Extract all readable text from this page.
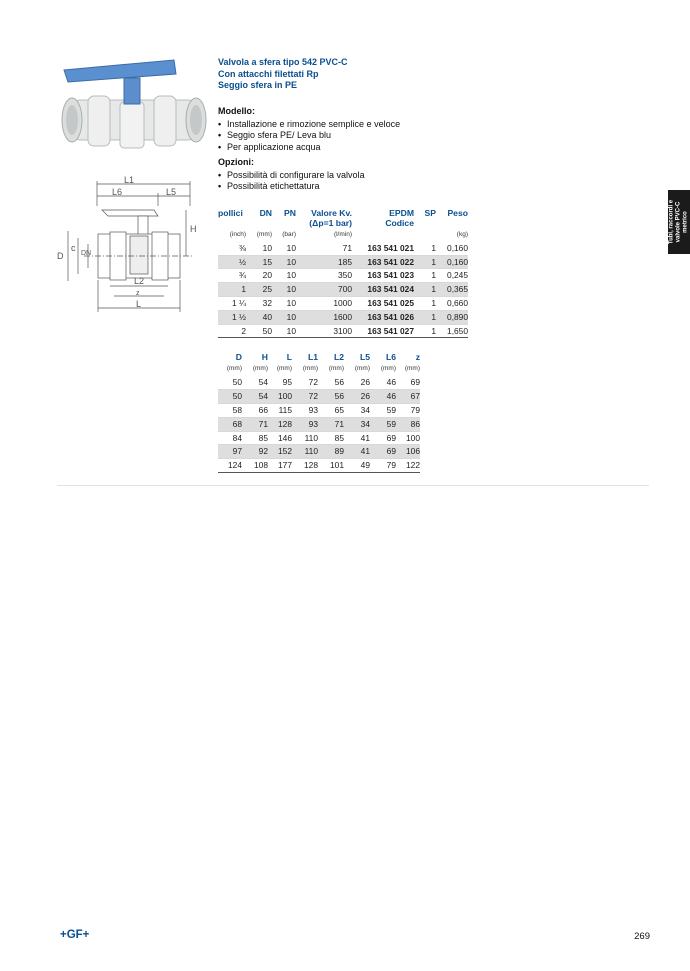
L1
L6	L5
H
D
c
DN
L2
z
L
Valvola a sfera tipo 542 PVC-C
Con attacchi filettati Rp
Seggio sfera in PE
Modello:
• Installazione e rimozione semplice e veloce
• Seggio sfera PE/ Leva blu
• Per applicazione acqua
Opzioni:
• Possibilità di configurare la valvola
• Possibilità etichettatura
Tubi, raccordi e
valvole PVC-C
metrico
pollici	DN	PN	Valore Kv.	EPDM	SP	Peso
			(Δp=1 bar)	Codice		
(inch)	(mm)	(bar)	(l/min)			(kg)
⅜	10	10	71	163 541 021	1	0,160
½	15	10	185	163 541 022	1	0,160
¾	20	10	350	163 541 023	1	0,245
1	25	10	700	163 541 024	1	0,365
1 ¼	32	10	1000	163 541 025	1	0,660
1 ½	40	10	1600	163 541 026	1	0,890
2	50	10	3100	163 541 027	1	1,650
D	H	L	L1	L2	L5	L6	z
(mm)	(mm)	(mm)	(mm)	(mm)	(mm)	(mm)	(mm)
50	54	95	72	56	26	46	69
50	54	100	72	56	26	46	67
58	66	115	93	65	34	59	79
68	71	128	93	71	34	59	86
84	85	146	110	85	41	69	100
97	92	152	110	89	41	69	106
124	108	177	128	101	49	79	122
+GF+	269
